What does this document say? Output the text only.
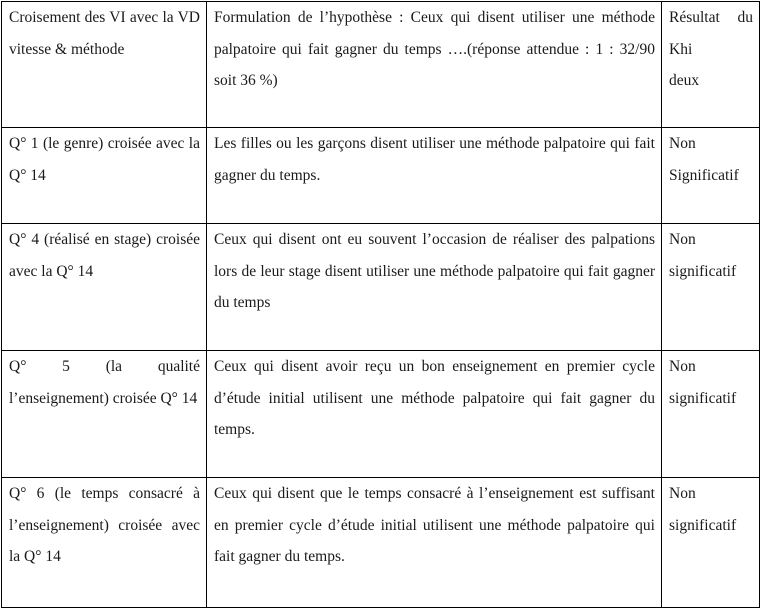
Croisement des VI avec la VD vitesse & méthode	Formulation de l’hypothèse : Ceux qui disent utiliser une méthode palpatoire qui fait gagner du temps ….(réponse attendue : 1 : 32/90 soit 36 %)	Résultat du Khi
deux

Q° 1 (le genre) croisée avec la Q° 14	Les filles ou les garçons disent utiliser une méthode palpatoire qui fait gagner du temps.	Non Significatif

Q° 4 (réalisé en stage) croisée avec la Q° 14	Ceux qui disent ont eu souvent l’occasion de réaliser des palpations lors de leur stage disent utiliser une méthode palpatoire qui fait gagner du temps	Non significatif

Q° 5 (la qualité l’enseignement) croisée Q° 14	Ceux qui disent avoir reçu un bon enseignement en premier cycle d’étude initial utilisent une méthode palpatoire qui fait gagner du temps.	Non significatif

Q° 6 (le temps consacré à l’enseignement) croisée avec la Q° 14	Ceux qui disent que le temps consacré à l’enseignement est suffisant en premier cycle d’étude initial utilisent une méthode palpatoire qui fait gagner du temps.	Non significatif
